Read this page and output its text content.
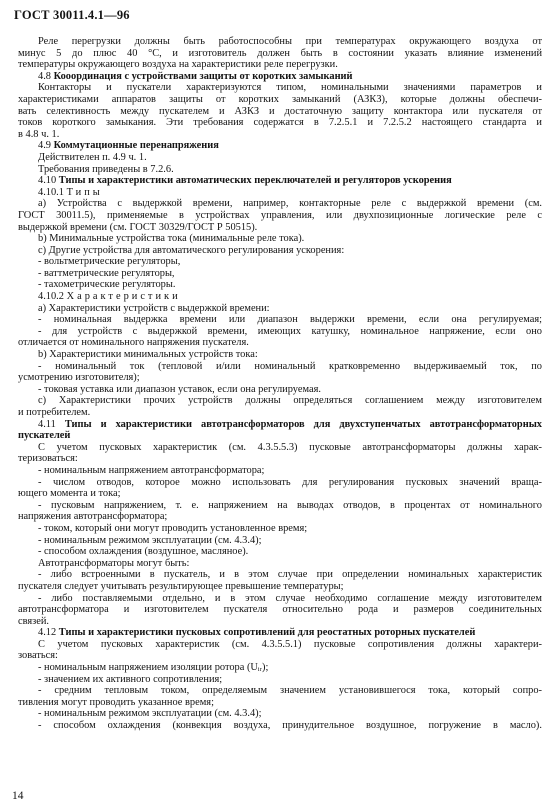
ГОСТ 30011.4.1—96
Реле перегрузки должны быть работоспособны при температурах окружающего воздуха от
минус 5 до плюс 40 °С, и изготовитель должен быть в состоянии указать влияние изменений
температуры окружающего воздуха на характеристики реле перегрузки.
4.8 Кооординация с устройствами защиты от коротких замыканий
Контакторы и пускатели характеризуются типом, номинальными значениями параметров и
характеристиками аппаратов защиты от коротких замыканий (АЗКЗ), которые должны обеспечи-
вать селективность между пускателем и АЗКЗ и достаточную защиту контактора или пускателя от
токов короткого замыкания. Эти требования содержатся в 7.2.5.1 и 7.2.5.2 настоящего стандарта и
в 4.8 ч. 1.
4.9 Коммутационные перенапряжения
Действителен п. 4.9 ч. 1.
Требования приведены в 7.2.6.
4.10 Типы и характеристики автоматических переключателей и регуляторов ускорения
4.10.1 Типы
a) Устройства с выдержкой времени, например, контакторные реле с выдержкой времени (см.
ГОСТ 30011.5), применяемые в устройствах управления, или двухпозиционные логические реле с
выдержкой времени (см. ГОСТ 30329/ГОСТ Р 50515).
b) Минимальные устройства тока (минимальные реле тока).
c) Другие устройства для автоматического регулирования ускорения:
- вольтметрические регуляторы,
- ваттметрические регуляторы,
- тахометрические регуляторы.
4.10.2 Характеристики
a) Характеристики устройств с выдержкой времени:
- номинальная выдержка времени или диапазон выдержки времени, если она регулируемая;
- для устройств с выдержкой времени, имеющих катушку, номинальное напряжение, если оно
отличается от номинального напряжения пускателя.
b) Характеристики минимальных устройств тока:
- номинальный ток (тепловой и/или номинальный кратковременно выдерживаемый ток, по
усмотрению изготовителя);
- токовая уставка или диапазон уставок, если она регулируемая.
c) Характеристики прочих устройств должны определяться соглашением между изготовителем
и потребителем.
4.11 Типы и характеристики автотрансформаторов для двухступенчатых автотрансформаторных
пускателей
С учетом пусковых характеристик (см. 4.3.5.5.3) пусковые автотрансформаторы должны харак-
теризоваться:
- номинальным напряжением автотрансформатора;
- числом отводов, которое можно использовать для регулирования пусковых значений враща-
ющего момента и тока;
- пусковым напряжением, т. е. напряжением на выводах отводов, в процентах от номинального
напряжения автотрансформатора;
- током, который они могут проводить установленное время;
- номинальным режимом эксплуатации (см. 4.3.4);
- способом охлаждения (воздушное, масляное).
Автотрансформаторы могут быть:
- либо встроенными в пускатель, и в этом случае при определении номинальных характеристик
пускателя следует учитывать результирующее превышение температуры;
- либо поставляемыми отдельно, и в этом случае необходимо соглашение между изготовителем
автотрансформатора и изготовителем пускателя относительно рода и размеров соединительных
связей.
4.12 Типы и характеристики пусковых сопротивлений для реостатных роторных пускателей
С учетом пусковых характеристик (см. 4.3.5.5.1) пусковые сопротивления должны характери-
зоваться:
- номинальным напряжением изоляции ротора (Uᵢᵣ);
- значением их активного сопротивления;
- средним тепловым током, определяемым значением установившегося тока, который сопро-
тивления могут проводить указанное время;
- номинальным режимом эксплуатации (см. 4.3.4);
- способом охлаждения (конвекция воздуха, принудительное воздушное, погружение в масло).
14
